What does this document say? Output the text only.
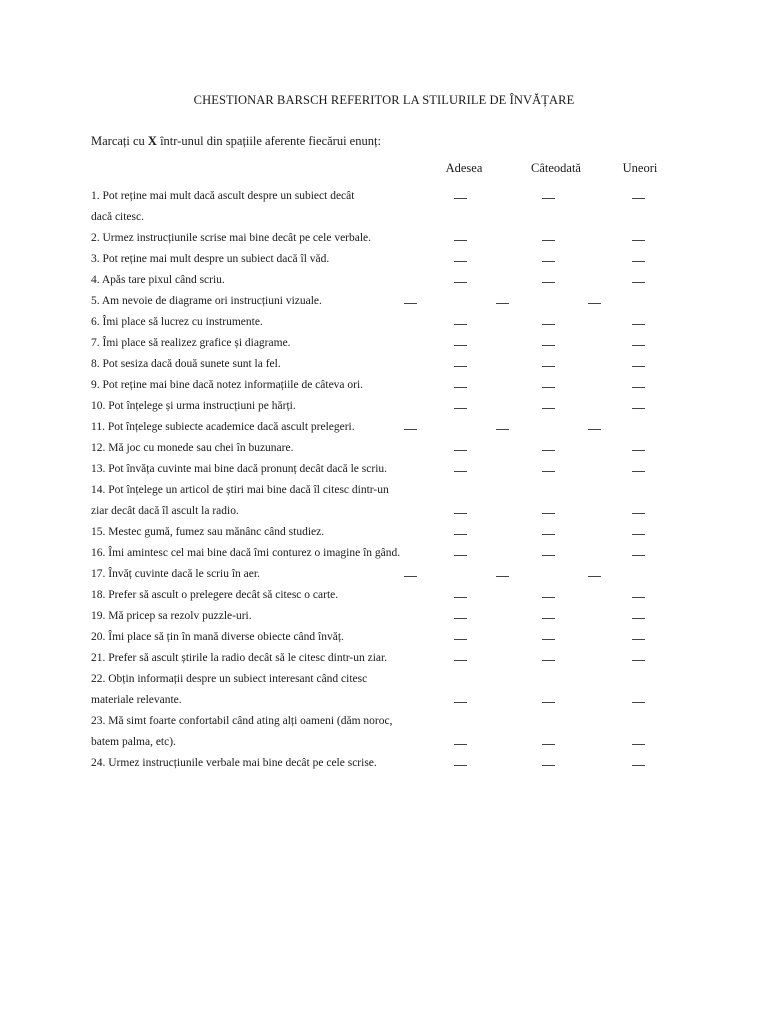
CHESTIONAR BARSCH REFERITOR LA STILURILE DE ÎNVĂȚARE
Marcați cu X într-unul din spațiile aferente fiecărui enunț:
Adesea	Câteodată	Uneori
1. Pot reține mai mult dacă ascult despre un subiect decât
dacă citesc.
2. Urmez instrucțiunile scrise mai bine decât pe cele verbale.
3. Pot reține mai mult despre un subiect dacă îl văd.
4. Apăs tare pixul când scriu.
5. Am nevoie de diagrame ori instrucțiuni vizuale.
6. Îmi place să lucrez cu instrumente.
7. Îmi place să realizez grafice și diagrame.
8. Pot sesiza dacă două sunete sunt la fel.
9. Pot reține mai bine dacă notez informațiile de câteva ori.
10. Pot înțelege și urma instrucțiuni pe hărți.
11. Pot înțelege subiecte academice dacă ascult prelegeri.
12. Mă joc cu monede sau chei în buzunare.
13. Pot învăța cuvinte mai bine dacă pronunț decât dacă le scriu.
14. Pot înțelege un articol de știri mai bine dacă îl citesc dintr-un
ziar decât dacă îl ascult la radio.
15. Mestec gumă, fumez sau mănânc când studiez.
16. Îmi amintesc cel mai bine dacă îmi conturez o imagine în gând.
17. Învăț cuvinte dacă le scriu în aer.
18. Prefer să ascult o prelegere decât să citesc o carte.
19. Mă pricep sa rezolv puzzle-uri.
20. Îmi place să țin în mană diverse obiecte când învăț.
21. Prefer să ascult știrile la radio decât să le citesc dintr-un ziar.
22. Obțin informații despre un subiect interesant când citesc
materiale relevante.
23. Mă simt foarte confortabil când ating alți oameni (dăm noroc,
batem palma, etc).
24. Urmez instrucțiunile verbale mai bine decât pe cele scrise.
